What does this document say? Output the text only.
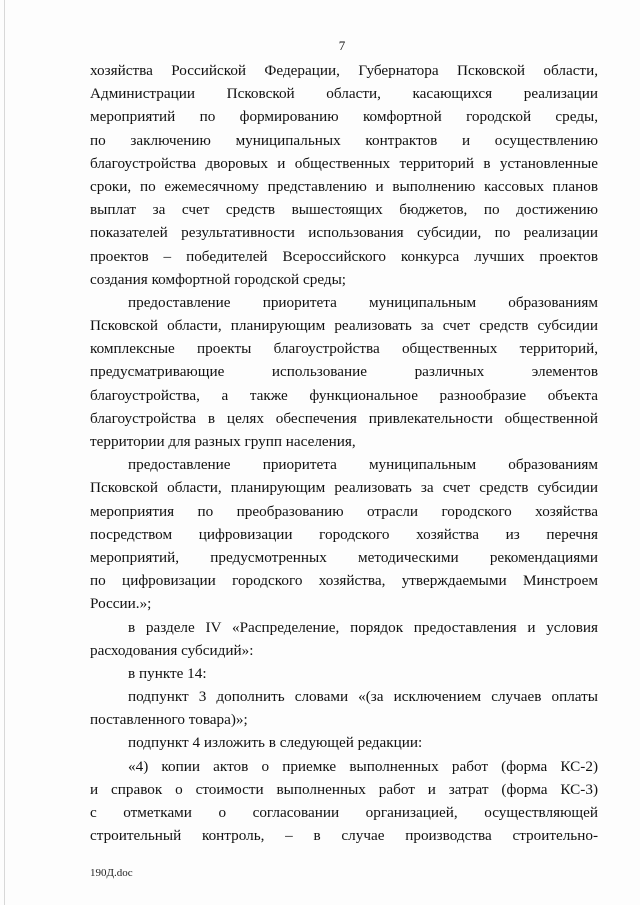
7
хозяйства Российской Федерации, Губернатора Псковской области,
Администрации Псковской области, касающихся реализации
мероприятий по формированию комфортной городской среды,
по заключению муниципальных контрактов и осуществлению
благоустройства дворовых и общественных территорий в установленные
сроки, по ежемесячному представлению и выполнению кассовых планов
выплат за счет средств вышестоящих бюджетов, по достижению
показателей результативности использования субсидии, по реализации
проектов – победителей Всероссийского конкурса лучших проектов
создания комфортной городской среды;
предоставление приоритета муниципальным образованиям
Псковской области, планирующим реализовать за счет средств субсидии
комплексные проекты благоустройства общественных территорий,
предусматривающие использование различных элементов
благоустройства, а также функциональное разнообразие объекта
благоустройства в целях обеспечения привлекательности общественной
территории для разных групп населения,
предоставление приоритета муниципальным образованиям
Псковской области, планирующим реализовать за счет средств субсидии
мероприятия по преобразованию отрасли городского хозяйства
посредством цифровизации городского хозяйства из перечня
мероприятий, предусмотренных методическими рекомендациями
по цифровизации городского хозяйства, утверждаемыми Минстроем
России.»;
в разделе IV «Распределение, порядок предоставления и условия
расходования субсидий»:
в пункте 14:
подпункт 3 дополнить словами «(за исключением случаев оплаты
поставленного товара)»;
подпункт 4 изложить в следующей редакции:
«4) копии актов о приемке выполненных работ (форма КС-2)
и справок о стоимости выполненных работ и затрат (форма КС-3)
с отметками о согласовании организацией, осуществляющей
строительный контроль, – в случае производства строительно-
190Д.doc
